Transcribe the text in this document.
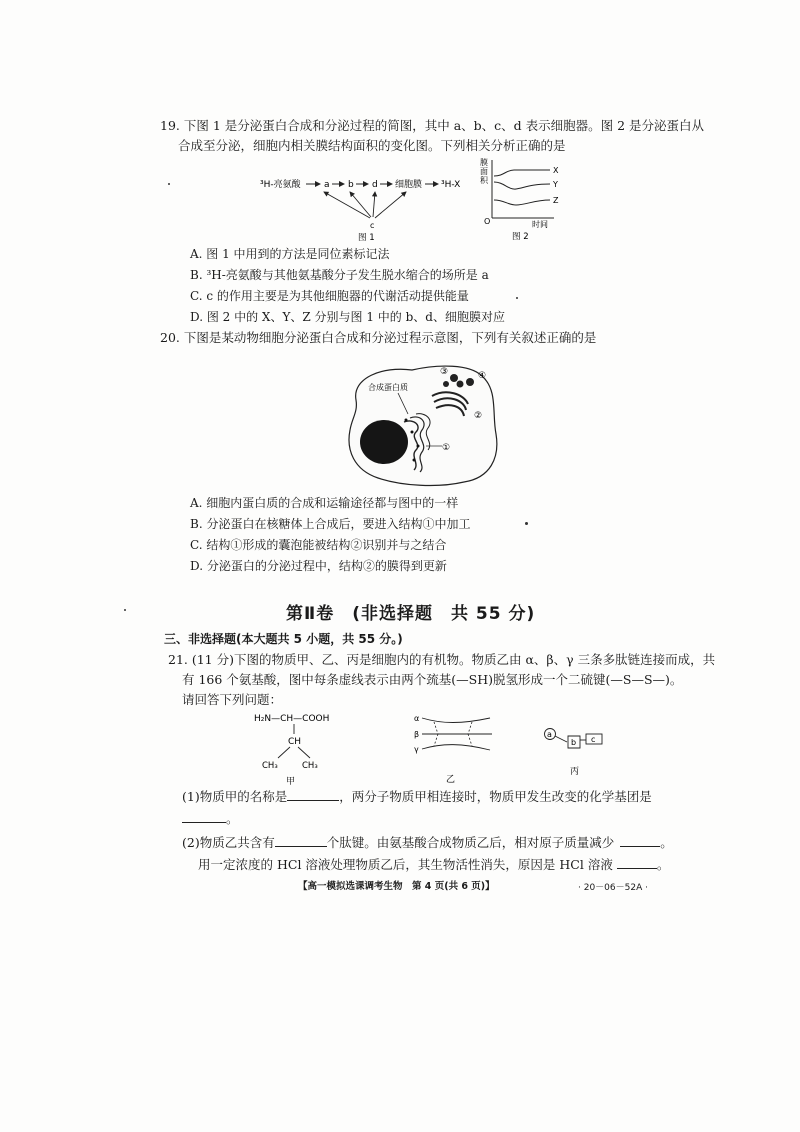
19. 下图 1 是分泌蛋白合成和分泌过程的简图，其中 a、b、c、d 表示细胞器。图 2 是分泌蛋白从
合成至分泌，细胞内相关膜结构面积的变化图。下列相关分析正确的是
³H-亮氨酸	a b d 细胞膜 ³H-X
c
图 1
膜
面
积
X
Y
Z
O	时间
图 2
A. 图 1 中用到的方法是同位素标记法
B. ³H-亮氨酸与其他氨基酸分子发生脱水缩合的场所是 a
C. c 的作用主要是为其他细胞器的代谢活动提供能量
D. 图 2 中的 X、Y、Z 分别与图 1 中的 b、d、细胞膜对应
20. 下图是某动物细胞分泌蛋白合成和分泌过程示意图，下列有关叙述正确的是
合成蛋白质
③	④
②
①
A. 细胞内蛋白质的合成和运输途径都与图中的一样
B. 分泌蛋白在核糖体上合成后，要进入结构①中加工
C. 结构①形成的囊泡能被结构②识别并与之结合
D. 分泌蛋白的分泌过程中，结构②的膜得到更新
第Ⅱ卷　(非选择题　共 55 分)
三、非选择题(本大题共 5 小题，共 55 分。)
21. (11 分)下图的物质甲、乙、丙是细胞内的有机物。物质乙由 α、β、γ 三条多肽链连接而成，共
有 166 个氨基酸，图中每条虚线表示由两个巯基(—SH)脱氢形成一个二硫键(—S—S—)。
请回答下列问题：
H₂N—CH—COOH
CH
CH₃	CH₃
甲
α
β
γ
乙
a
b c
丙
(1)物质甲的名称是	，两分子物质甲相连接时，物质甲发生改变的化学基团是
。
(2)物质乙共含有	个肽键。由氨基酸合成物质乙后，相对原子质量减少	。
用一定浓度的 HCl 溶液处理物质乙后，其生物活性消失，原因是 HCl 溶液	。
【高一模拟选课调考生物　第 4 页(共 6 页)】	· 20－06－52A ·
